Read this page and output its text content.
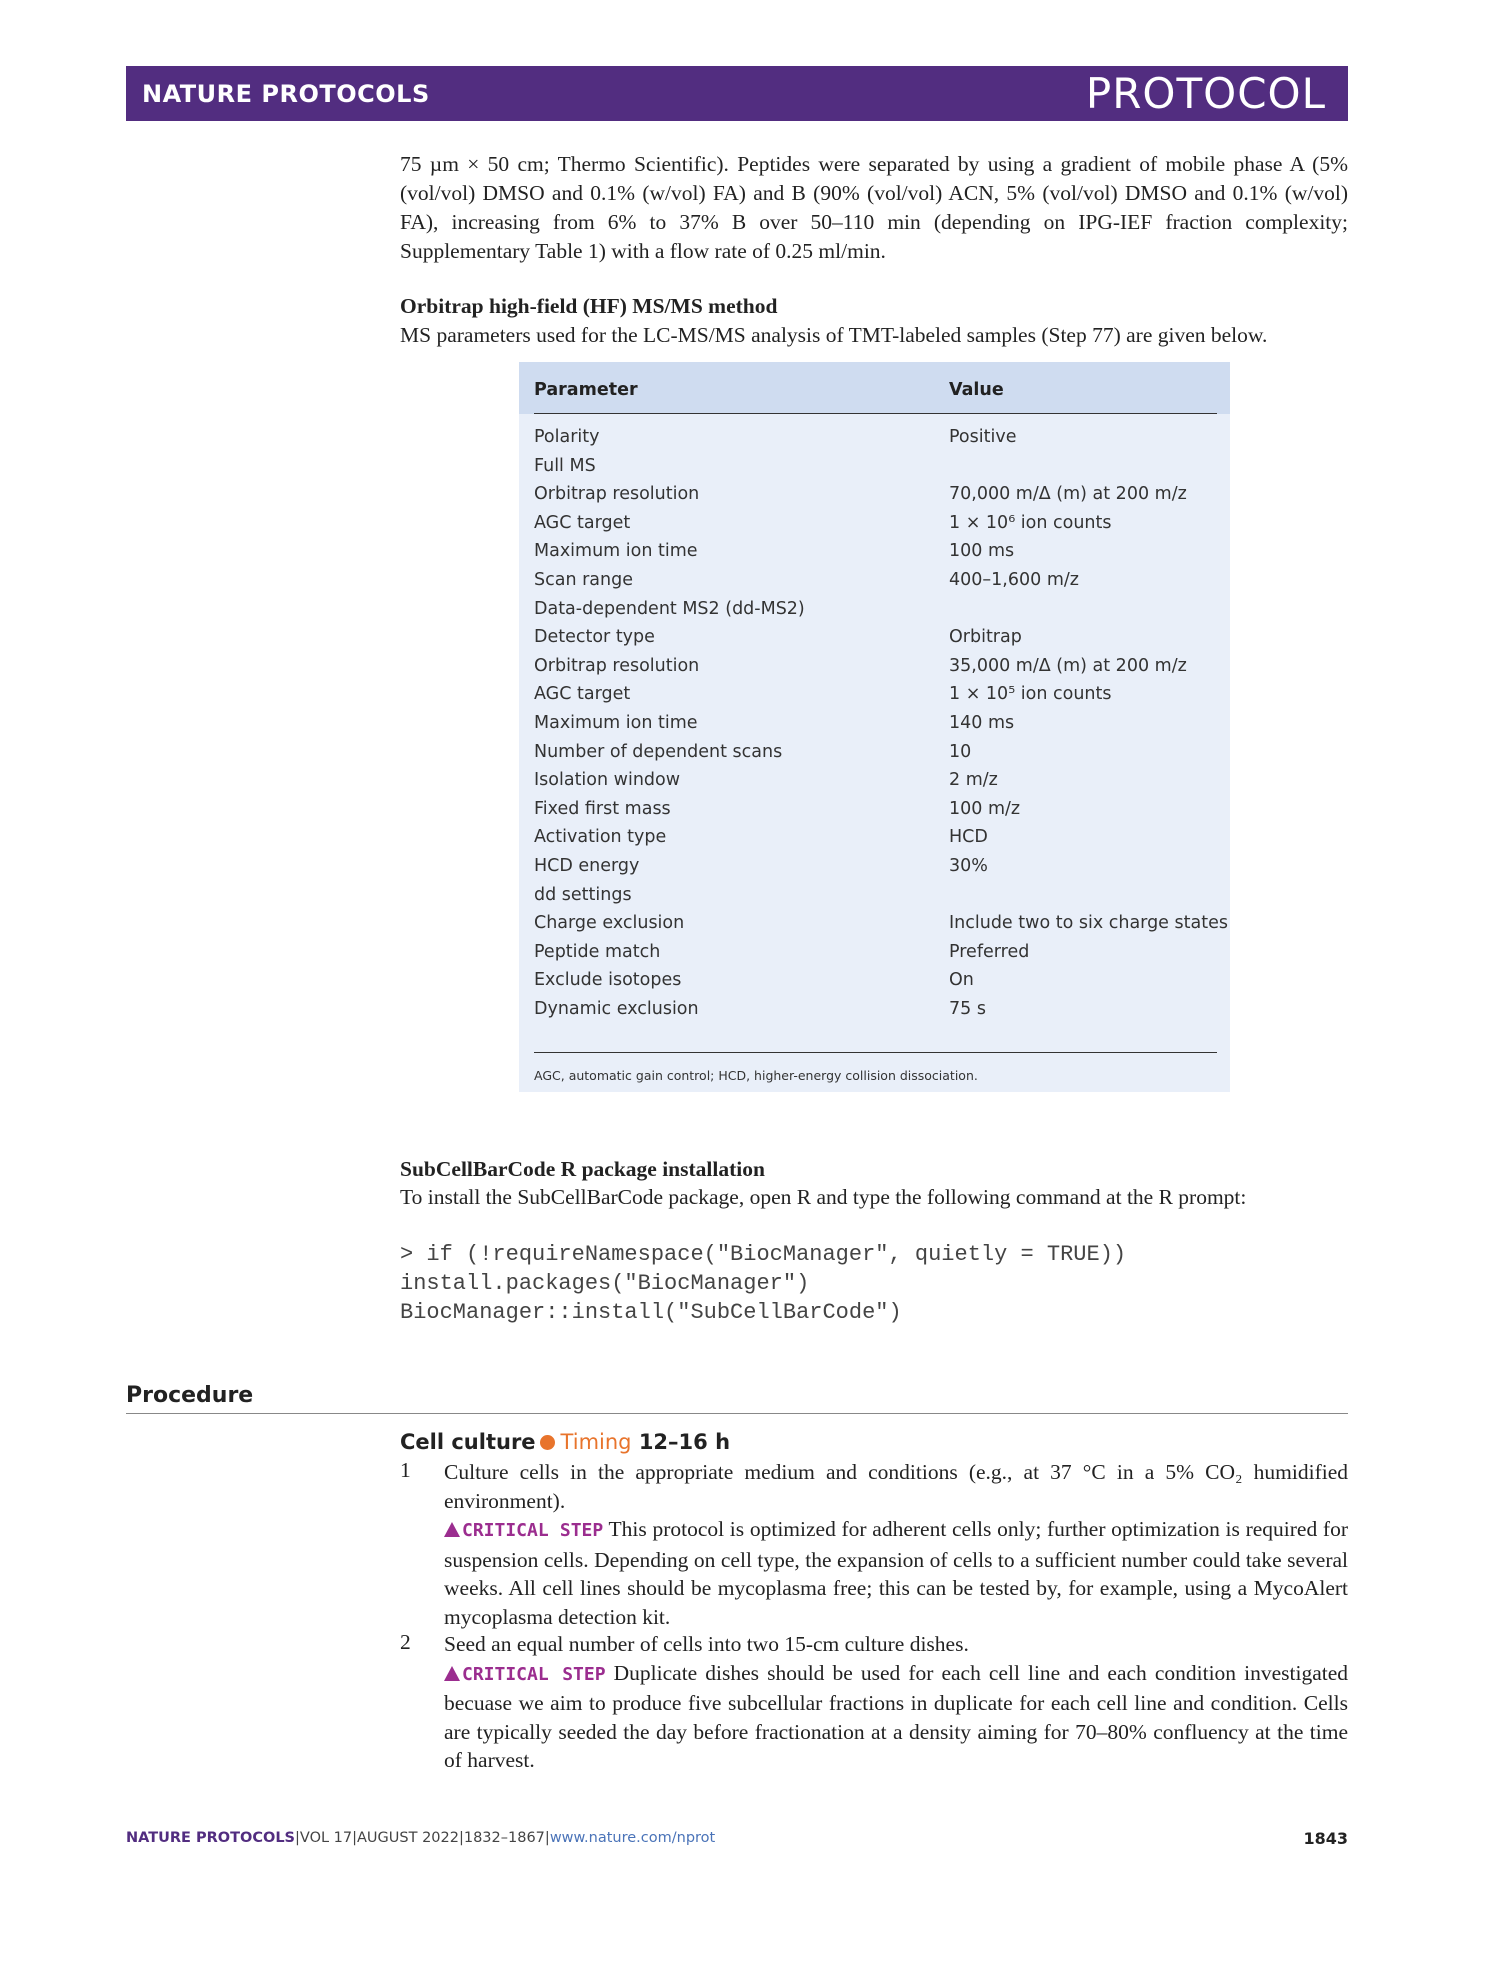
NATURE PROTOCOLS	PROTOCOL
75 µm × 50 cm; Thermo Scientific). Peptides were separated by using a gradient of mobile phase A (5% (vol/vol) DMSO and 0.1% (w/vol) FA) and B (90% (vol/vol) ACN, 5% (vol/vol) DMSO and 0.1% (w/vol) FA), increasing from 6% to 37% B over 50–110 min (depending on IPG-IEF fraction complexity; Supplementary Table 1) with a flow rate of 0.25 ml/min.
Orbitrap high-field (HF) MS/MS method
MS parameters used for the LC-MS/MS analysis of TMT-labeled samples (Step 77) are given below.
Parameter	Value
Polarity	Positive
Full MS
Orbitrap resolution	70,000 m/Δ (m) at 200 m/z
AGC target	1 × 10⁶ ion counts
Maximum ion time	100 ms
Scan range	400–1,600 m/z
Data-dependent MS2 (dd-MS2)
Detector type	Orbitrap
Orbitrap resolution	35,000 m/Δ (m) at 200 m/z
AGC target	1 × 10⁵ ion counts
Maximum ion time	140 ms
Number of dependent scans	10
Isolation window	2 m/z
Fixed first mass	100 m/z
Activation type	HCD
HCD energy	30%
dd settings
Charge exclusion	Include two to six charge states
Peptide match	Preferred
Exclude isotopes	On
Dynamic exclusion	75 s
AGC, automatic gain control; HCD, higher-energy collision dissociation.
SubCellBarCode R package installation
To install the SubCellBarCode package, open R and type the following command at the R prompt:
> if (!requireNamespace("BiocManager", quietly = TRUE))
install.packages("BiocManager")
BiocManager::install("SubCellBarCode")
Procedure
Cell culture Timing 12–16 h
1 Culture cells in the appropriate medium and conditions (e.g., at 37 °C in a 5% CO₂ humidified environment).
CRITICAL STEP This protocol is optimized for adherent cells only; further optimization is required for suspension cells. Depending on cell type, the expansion of cells to a sufficient number could take several weeks. All cell lines should be mycoplasma free; this can be tested by, for example, using a MycoAlert mycoplasma detection kit.
2 Seed an equal number of cells into two 15-cm culture dishes.
CRITICAL STEP Duplicate dishes should be used for each cell line and each condition investigated becuase we aim to produce five subcellular fractions in duplicate for each cell line and condition. Cells are typically seeded the day before fractionation at a density aiming for 70–80% confluency at the time of harvest.
NATURE PROTOCOLS|VOL 17|AUGUST 2022|1832–1867|www.nature.com/nprot	1843
